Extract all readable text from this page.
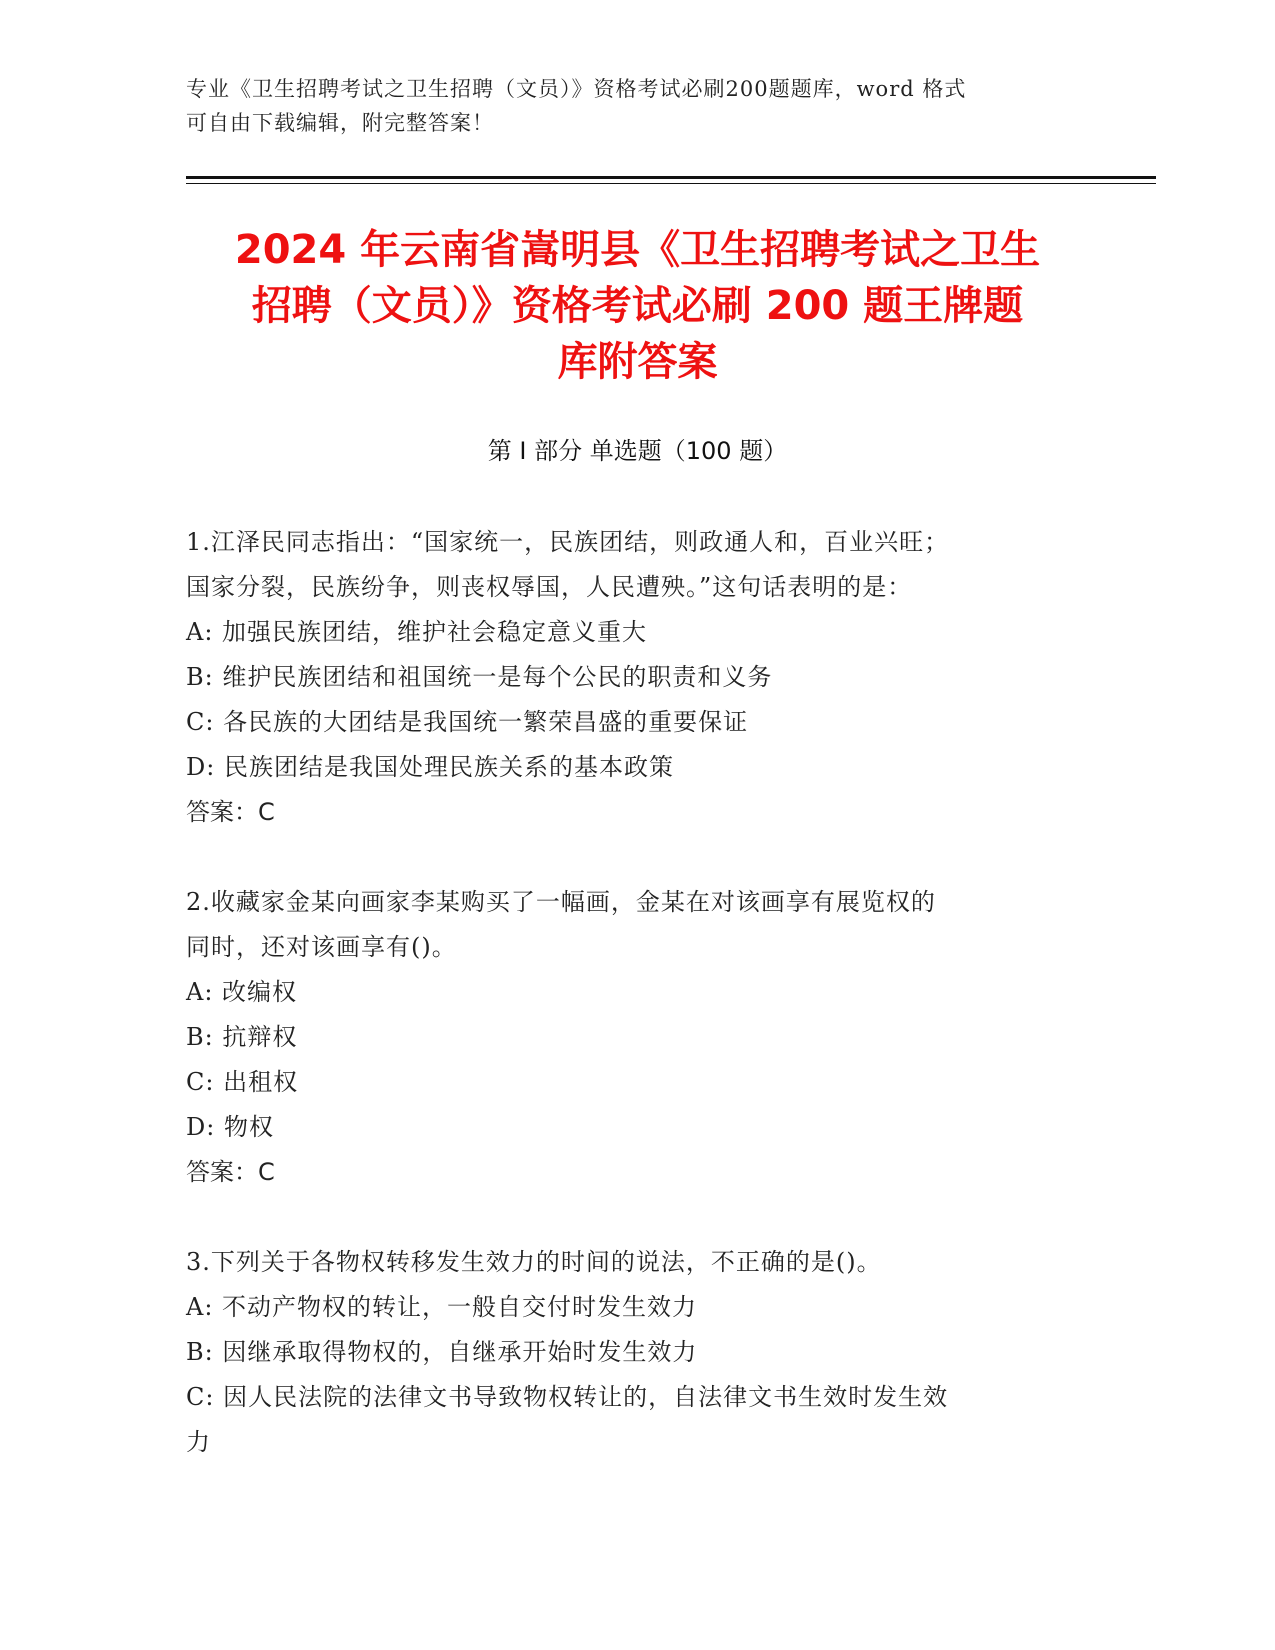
专业《卫生招聘考试之卫生招聘（文员）》资格考试必刷200题题库，word 格式
可自由下载编辑，附完整答案！
2024 年云南省嵩明县《卫生招聘考试之卫生
招聘（文员）》资格考试必刷 200 题王牌题
库附答案
第 I 部分 单选题（100 题）
1.江泽民同志指出：“国家统一，民族团结，则政通人和，百业兴旺；
国家分裂，民族纷争，则丧权辱国，人民遭殃。”这句话表明的是：
A: 加强民族团结，维护社会稳定意义重大
B: 维护民族团结和祖国统一是每个公民的职责和义务
C: 各民族的大团结是我国统一繁荣昌盛的重要保证
D: 民族团结是我国处理民族关系的基本政策
答案：C
2.收藏家金某向画家李某购买了一幅画，金某在对该画享有展览权的
同时，还对该画享有()。
A: 改编权
B: 抗辩权
C: 出租权
D: 物权
答案：C
3.下列关于各物权转移发生效力的时间的说法，不正确的是()。
A: 不动产物权的转让，一般自交付时发生效力
B: 因继承取得物权的，自继承开始时发生效力
C: 因人民法院的法律文书导致物权转让的，自法律文书生效时发生效
力
